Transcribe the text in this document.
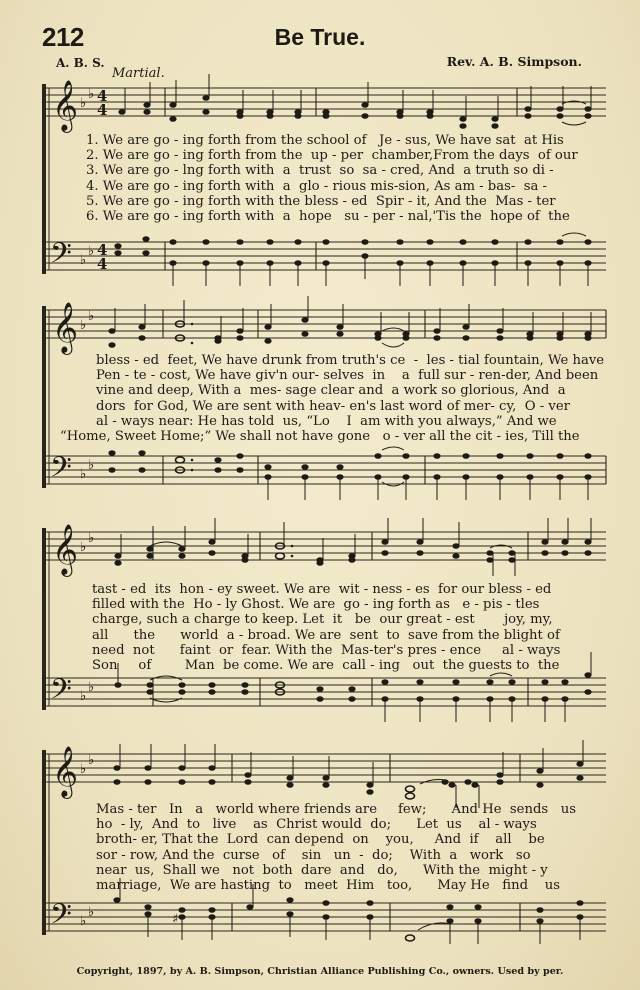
212	Be True.
A. B. S.	Rev. A. B. Simpson.
Martial.
𝄞
𝄢
♭
♭
♭
♭
4
4
4
4
1. We are go - ing forth from the school of   Je - sus, We have sat  at His
2. We are go - ing forth from the  up - per  chamber,From the days  of our
3. We are go - lng forth with  a  trust  so  sa - cred, And  a truth so di -
4. We are go - ing forth with  a  glo - rious mis-sion, As am - bas-  sa -
5. We are go - ing forth with the bless - ed  Spir - it, And the  Mas - ter
6. We are go - ing forth with  a  hope   su - per - nal,'Tis the  hope of  the
𝄞
𝄢
♭
♭
♭
♭
bless - ed  feet, We have drunk from truth's ce  -  les - tial fountain, We have
Pen - te - cost, We have giv'n our- selves  in    a  full sur - ren-der, And been
vine and deep, With a  mes- sage clear and  a work so glorious, And  a
dors  for God, We are sent with heav- en's last word of mer- cy,  O - ver
al - ways near: He has told  us, “Lo    I  am with you always,” And we
“Home, Sweet Home;” We shall not have gone   o - ver all the cit - ies, Till the
𝄞
𝄢
♭
♭
♭
♭
tast - ed  its  hon - ey sweet. We are  wit - ness - es  for our bless - ed
filled with the  Ho - ly Ghost. We are  go - ing forth as   e - pis - tles
charge, such a charge to keep. Let  it   be  our great - est       joy, my,
all      the      world  a - broad. We are  sent  to  save from the blight of
need  not      faint  or  fear. With the  Mas-ter's pres - ence     al - ways
Son     of        Man  be come. We are  call - ing   out  the guests to  the
𝄞
𝄢
♭
♭
♭
♭	♯
Mas - ter   In   a   world where friends are     few;      And He  sends   us
ho  - ly,  And  to   live    as  Christ would  do;      Let  us    al - ways
broth- er, That the  Lord  can depend  on    you,     And  if    all    be
sor - row, And the  curse   of    sin   un  -  do;    With  a   work   so
near  us,  Shall we   not  both  dare  and   do,      With the  might - y
marriage,  We are hasting  to   meet  Him   too,      May He   find    us
Copyright, 1897, by A. B. Simpson, Christian Alliance Publishing Co., owners. Used by per.
